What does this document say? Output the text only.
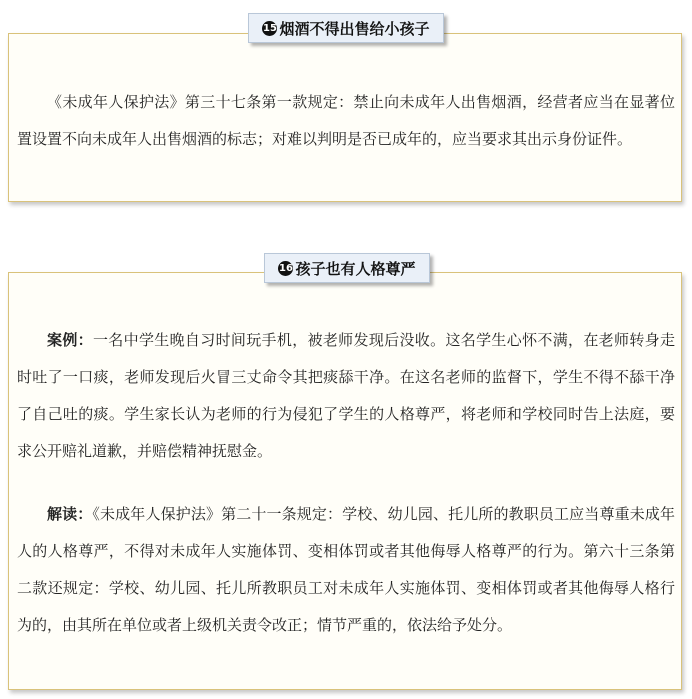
15 烟酒不得出售给小孩子

《未成年人保护法》第三十七条第一款规定：禁止向未成年人出售烟酒，经营者应当在显著位置设置不向未成年人出售烟酒的标志；对难以判明是否已成年的，应当要求其出示身份证件。

16 孩子也有人格尊严

案例：一名中学生晚自习时间玩手机，被老师发现后没收。这名学生心怀不满，在老师转身走时吐了一口痰，老师发现后火冒三丈命令其把痰舔干净。在这名老师的监督下，学生不得不舔干净了自己吐的痰。学生家长认为老师的行为侵犯了学生的人格尊严，将老师和学校同时告上法庭，要求公开赔礼道歉，并赔偿精神抚慰金。

解读：《未成年人保护法》第二十一条规定：学校、幼儿园、托儿所的教职员工应当尊重未成年人的人格尊严，不得对未成年人实施体罚、变相体罚或者其他侮辱人格尊严的行为。第六十三条第二款还规定：学校、幼儿园、托儿所教职员工对未成年人实施体罚、变相体罚或者其他侮辱人格行为的，由其所在单位或者上级机关责令改正；情节严重的，依法给予处分。
